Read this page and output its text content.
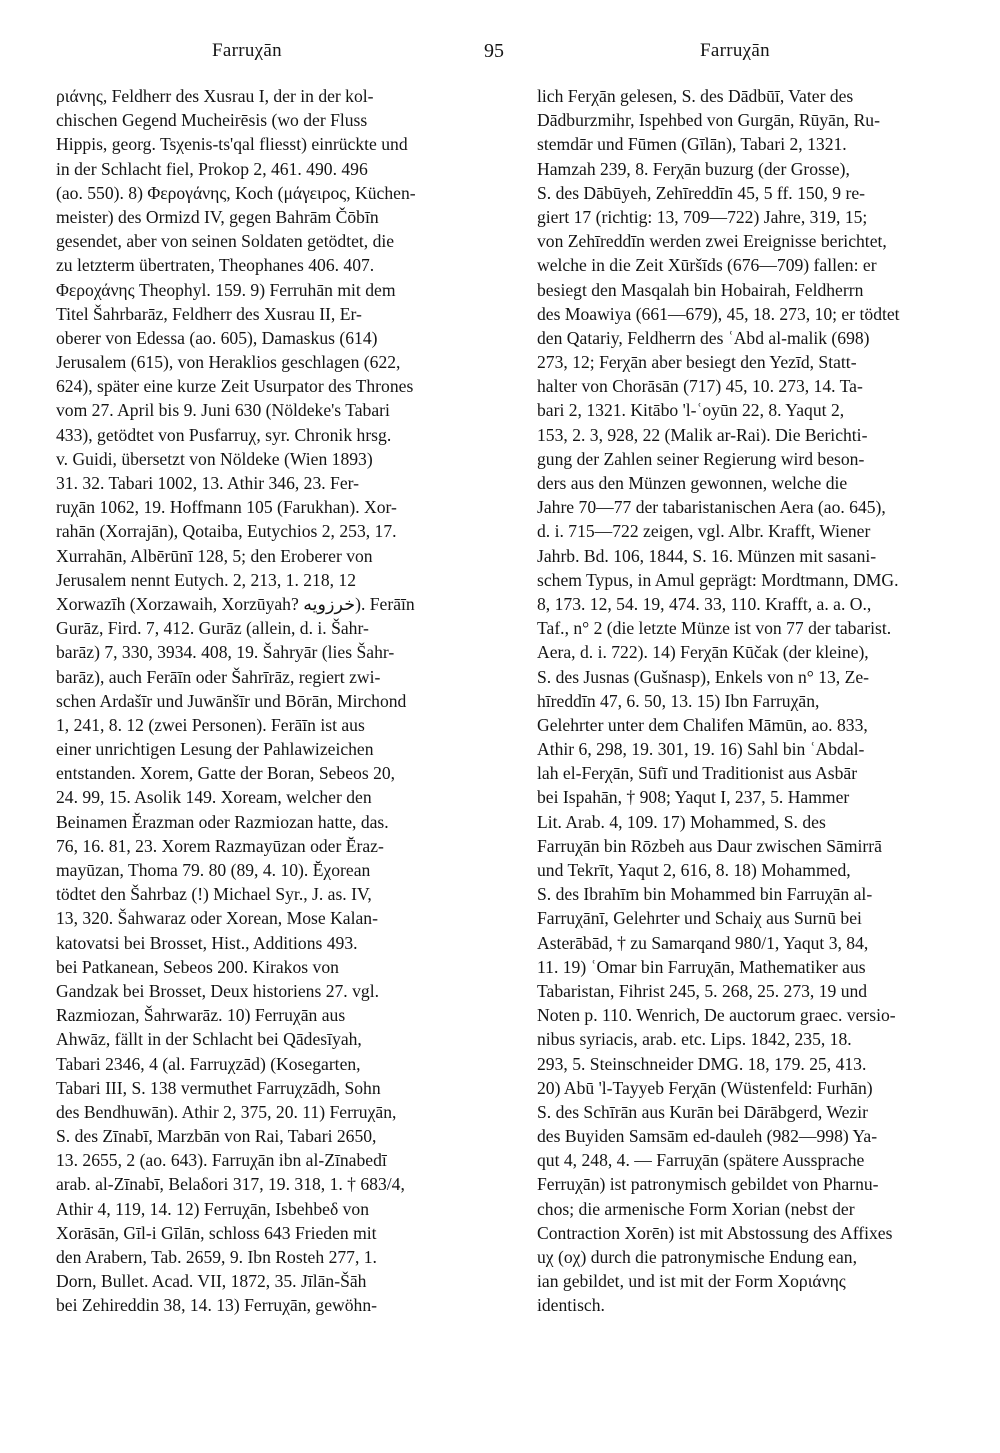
Farruχān	95	Farruχān
ριάνης, Feldherr des Xusrau I, der in der kol-
chischen Gegend Mucheirēsis (wo der Fluss
Hippis, georg. Tsχenis-ts'qal fliesst) einrückte und
in der Schlacht fiel, Prokop 2, 461. 490. 496
(ao. 550). 8) Φερογάνης, Koch (μάγειρος, Küchen-
meister) des Ormizd IV, gegen Bahrām Čōbīn
gesendet, aber von seinen Soldaten getödtet, die
zu letzterm übertraten, Theophanes 406. 407.
Φεροχάνης Theophyl. 159. 9) Ferruhān mit dem
Titel Šahrbarāz, Feldherr des Xusrau II, Er-
oberer von Edessa (ao. 605), Damaskus (614)
Jerusalem (615), von Heraklios geschlagen (622,
624), später eine kurze Zeit Usurpator des Thrones
vom 27. April bis 9. Juni 630 (Nöldeke's Tabari
433), getödtet von Pusfarruχ, syr. Chronik hrsg.
v. Guidi, übersetzt von Nöldeke (Wien 1893)
31. 32. Tabari 1002, 13. Athir 346, 23. Fer-
ruχān 1062, 19. Hoffmann 105 (Farukhan). Xor-
rahān (Xorrajān), Qotaiba, Eutychios 2, 253, 17.
Xurrahān, Albērūnī 128, 5; den Eroberer von
Jerusalem nennt Eutych. 2, 213, 1. 218, 12
Xorwazīh (Xorzawaih, Xorzūyah? خرزويه). Ferāīn
Gurāz, Fird. 7, 412. Gurāz (allein, d. i. Šahr-
barāz) 7, 330, 3934. 408, 19. Šahryār (lies Šahr-
barāz), auch Ferāīn oder Šahrīrāz, regiert zwi-
schen Ardašīr und Juwānšīr und Bōrān, Mirchond
1, 241, 8. 12 (zwei Personen). Ferāīn ist aus
einer unrichtigen Lesung der Pahlawizeichen
entstanden. Xorem, Gatte der Boran, Sebeos 20,
24. 99, 15. Asolik 149. Xoream, welcher den
Beinamen Ĕrazman oder Razmiozan hatte, das.
76, 16. 81, 23. Xorem Razmayūzan oder Ĕraz-
mayūzan, Thoma 79. 80 (89, 4. 10). Ĕχorean
tödtet den Šahrbaz (!) Michael Syr., J. as. IV,
13, 320. Šahwaraz oder Xorean, Mose Kalan-
katovatsi bei Brosset, Hist., Additions 493.
bei Patkanean, Sebeos 200. Kirakos von
Gandzak bei Brosset, Deux historiens 27. vgl.
Razmiozan, Šahrwarāz. 10) Ferruχān aus
Ahwāz, fällt in der Schlacht bei Qādesīyah,
Tabari 2346, 4 (al. Farruχzād) (Kosegarten,
Tabari III, S. 138 vermuthet Farruχzādh, Sohn
des Bendhuwān). Athir 2, 375, 20. 11) Ferruχān,
S. des Zīnabī, Marzbān von Rai, Tabari 2650,
13. 2655, 2 (ao. 643). Farruχān ibn al-Zīnabedī
arab. al-Zīnabī, Belaδori 317, 19. 318, 1. † 683/4,
Athir 4, 119, 14. 12) Ferruχān, Isbehbeδ von
Xorāsān, Gīl-i Gīlān, schloss 643 Frieden mit
den Arabern, Tab. 2659, 9. Ibn Rosteh 277, 1.
Dorn, Bullet. Acad. VII, 1872, 35. Jīlān-Šāh
bei Zehireddin 38, 14. 13) Ferruχān, gewöhn-
lich Ferχān gelesen, S. des Dādbūī, Vater des
Dādburzmihr, Ispehbed von Gurgān, Rūyān, Ru-
stemdār und Fūmen (Gīlān), Tabari 2, 1321.
Hamzah 239, 8. Ferχān buzurg (der Grosse),
S. des Dābūyeh, Zehīreddīn 45, 5 ff. 150, 9 re-
giert 17 (richtig: 13, 709—722) Jahre, 319, 15;
von Zehīreddīn werden zwei Ereignisse berichtet,
welche in die Zeit Xūršīds (676—709) fallen: er
besiegt den Masqalah bin Hobairah, Feldherrn
des Moawiya (661—679), 45, 18. 273, 10; er tödtet
den Qatariy, Feldherrn des ʿAbd al-malik (698)
273, 12; Ferχān aber besiegt den Yezīd, Statt-
halter von Chorāsān (717) 45, 10. 273, 14. Ta-
bari 2, 1321. Kitābo 'l-ʿoyūn 22, 8. Yaqut 2,
153, 2. 3, 928, 22 (Malik ar-Rai). Die Berichti-
gung der Zahlen seiner Regierung wird beson-
ders aus den Münzen gewonnen, welche die
Jahre 70—77 der tabaristanischen Aera (ao. 645),
d. i. 715—722 zeigen, vgl. Albr. Krafft, Wiener
Jahrb. Bd. 106, 1844, S. 16. Münzen mit sasani-
schem Typus, in Amul geprägt: Mordtmann, DMG.
8, 173. 12, 54. 19, 474. 33, 110. Krafft, a. a. O.,
Taf., n° 2 (die letzte Münze ist von 77 der tabarist.
Aera, d. i. 722). 14) Ferχān Kūčak (der kleine),
S. des Jusnas (Gušnasp), Enkels von n° 13, Ze-
hīreddīn 47, 6. 50, 13. 15) Ibn Farruχān,
Gelehrter unter dem Chalifen Māmūn, ao. 833,
Athir 6, 298, 19. 301, 19. 16) Sahl bin ʿAbdal-
lah el-Ferχān, Sūfī und Traditionist aus Asbār
bei Ispahān, † 908; Yaqut I, 237, 5. Hammer
Lit. Arab. 4, 109. 17) Mohammed, S. des
Farruχān bin Rōzbeh aus Daur zwischen Sāmirrā
und Tekrīt, Yaqut 2, 616, 8. 18) Mohammed,
S. des Ibrahīm bin Mohammed bin Farruχān al-
Farruχānī, Gelehrter und Schaiχ aus Surnū bei
Asterābād, † zu Samarqand 980/1, Yaqut 3, 84,
11. 19) ʿOmar bin Farruχān, Mathematiker aus
Tabaristan, Fihrist 245, 5. 268, 25. 273, 19 und
Noten p. 110. Wenrich, De auctorum graec. versio-
nibus syriacis, arab. etc. Lips. 1842, 235, 18.
293, 5. Steinschneider DMG. 18, 179. 25, 413.
20) Abū 'l-Tayyeb Ferχān (Wüstenfeld: Furhān)
S. des Schīrān aus Kurān bei Dārābgerd, Wezir
des Buyiden Samsām ed-dauleh (982—998) Ya-
qut 4, 248, 4. — Farruχān (spätere Aussprache
Ferruχān) ist patronymisch gebildet von Pharnu-
chos; die armenische Form Xorian (nebst der
Contraction Xorēn) ist mit Abstossung des Affixes
uχ (οχ) durch die patronymische Endung ean,
ian gebildet, und ist mit der Form Χοριάνης
identisch.
